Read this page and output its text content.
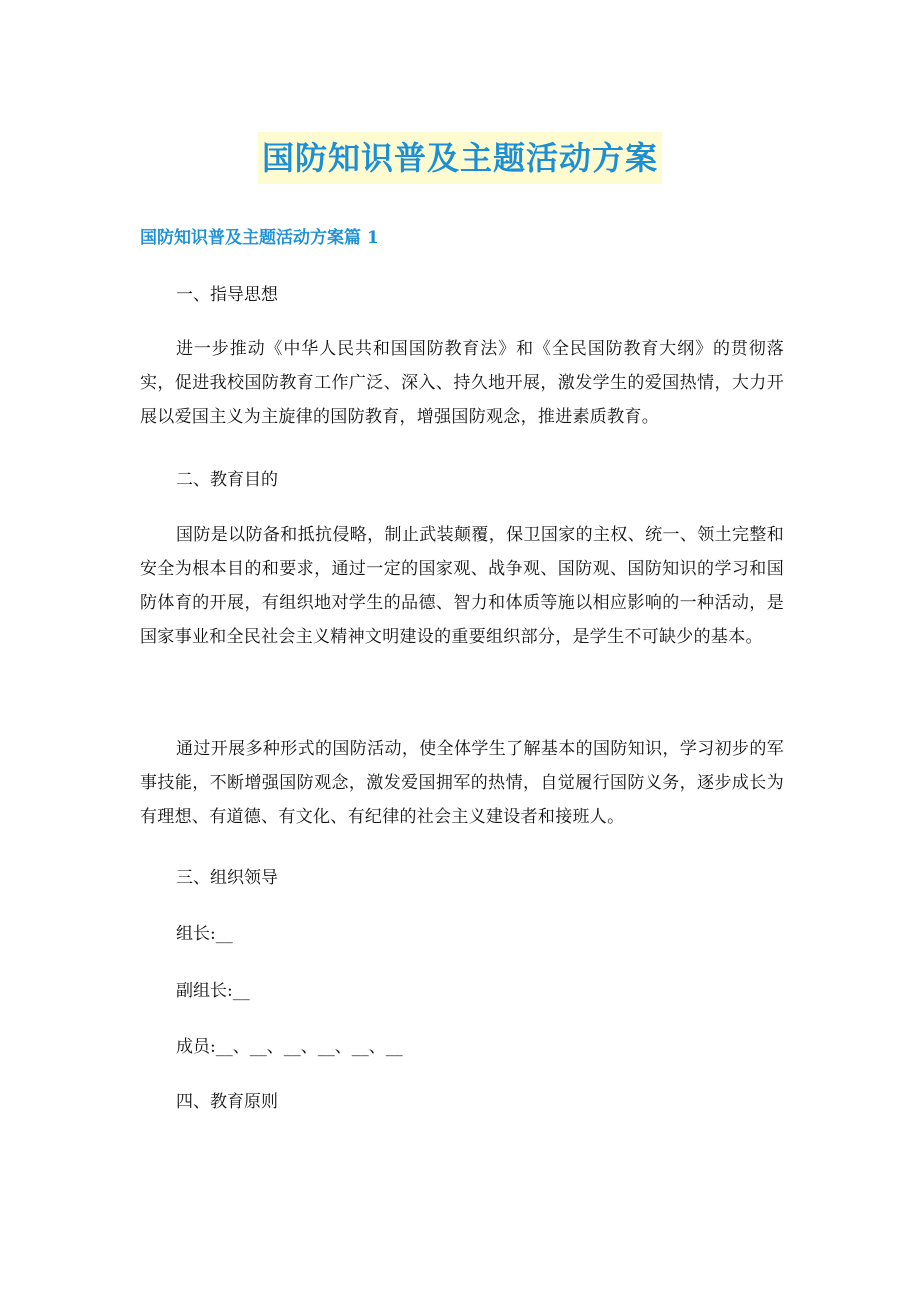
国防知识普及主题活动方案
国防知识普及主题活动方案篇 1
一、指导思想
进一步推动《中华人民共和国国防教育法》和《全民国防教育大纲》的贯彻落实，促进我校国防教育工作广泛、深入、持久地开展，激发学生的爱国热情，大力开展以爱国主义为主旋律的国防教育，增强国防观念，推进素质教育。
二、教育目的
国防是以防备和抵抗侵略，制止武装颠覆，保卫国家的主权、统一、领土完整和安全为根本目的和要求，通过一定的国家观、战争观、国防观、国防知识的学习和国防体育的开展，有组织地对学生的品德、智力和体质等施以相应影响的一种活动，是国家事业和全民社会主义精神文明建设的重要组织部分，是学生不可缺少的基本。
通过开展多种形式的国防活动，使全体学生了解基本的国防知识，学习初步的军事技能，不断增强国防观念，激发爱国拥军的热情，自觉履行国防义务，逐步成长为有理想、有道德、有文化、有纪律的社会主义建设者和接班人。
三、组织领导
组长:__
副组长:__
成员:__、__、__、__、__、__
四、教育原则
